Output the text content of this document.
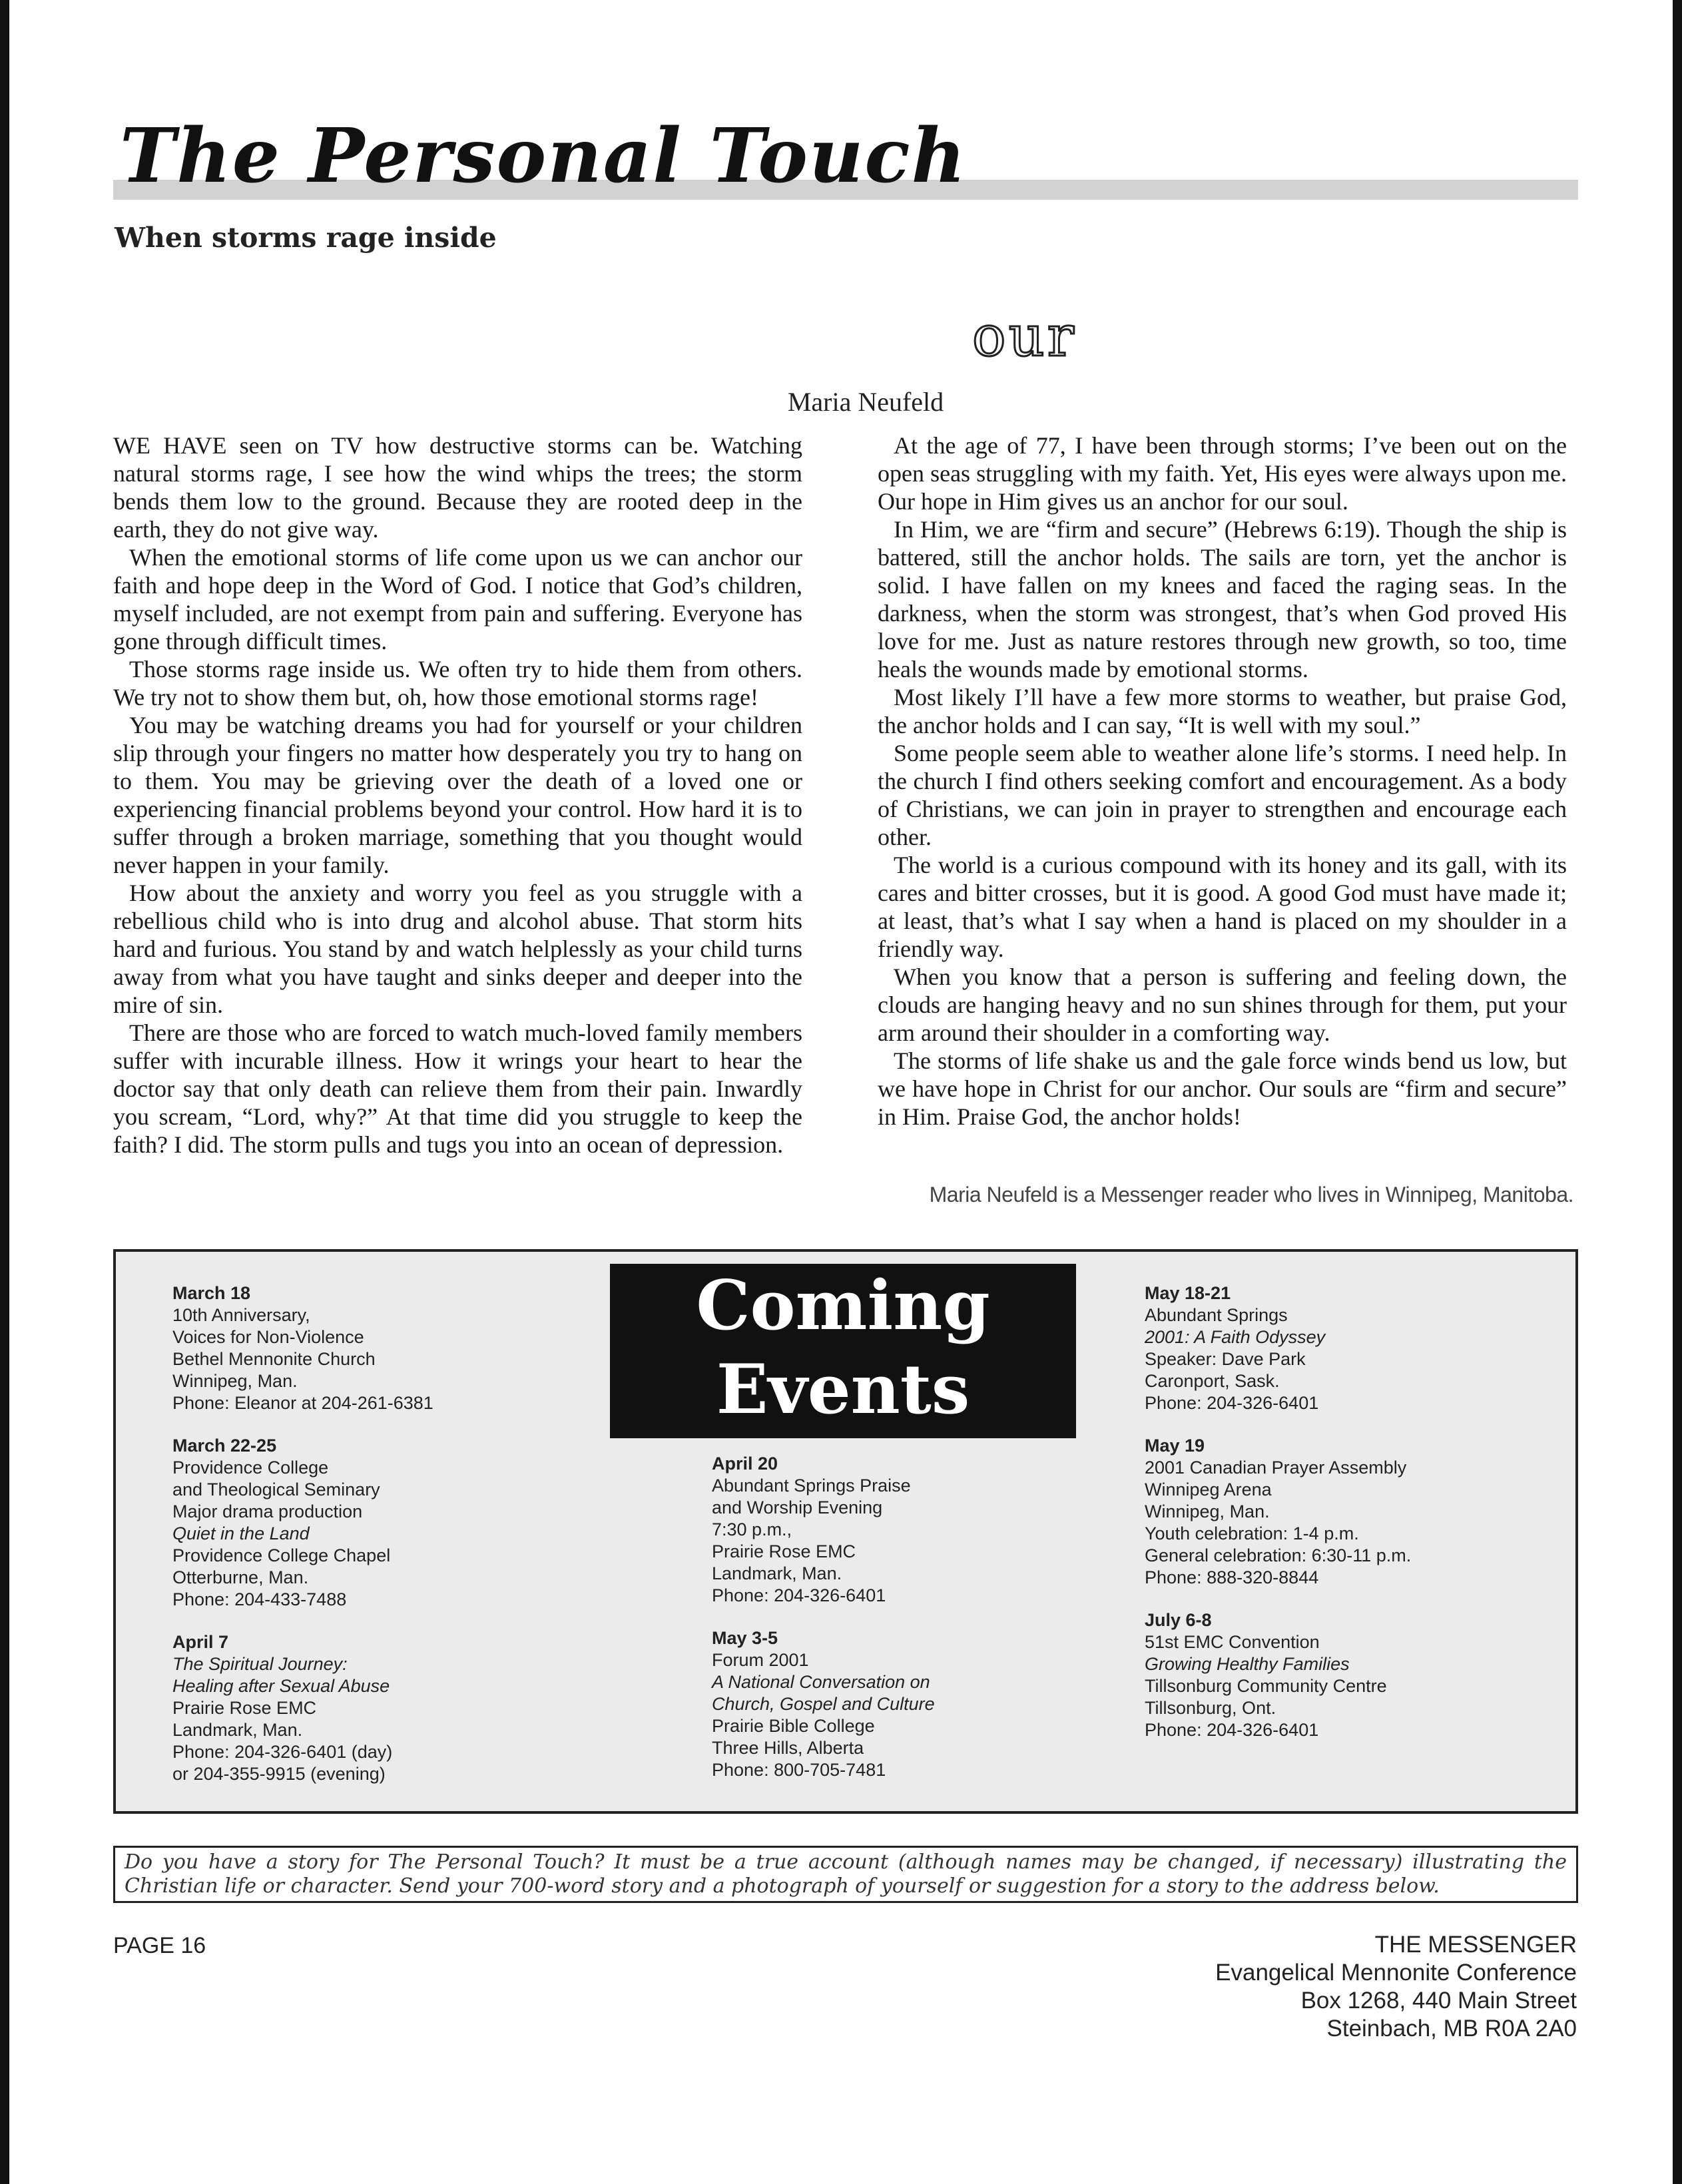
The Personal Touch
When storms rage inside
our
Maria Neufeld

WE HAVE seen on TV how destructive storms can be. Watching natural storms rage, I see how the wind whips the trees; the storm bends them low to the ground. Because they are rooted deep in the earth, they do not give way.

When the emotional storms of life come upon us we can anchor our faith and hope deep in the Word of God. I notice that God’s children, myself included, are not exempt from pain and suffering. Everyone has gone through difficult times.

Those storms rage inside us. We often try to hide them from others. We try not to show them but, oh, how those emotional storms rage!

You may be watching dreams you had for yourself or your children slip through your fingers no matter how desperately you try to hang on to them. You may be grieving over the death of a loved one or experiencing financial problems beyond your control. How hard it is to suffer through a broken marriage, something that you thought would never happen in your family.

How about the anxiety and worry you feel as you struggle with a rebellious child who is into drug and alcohol abuse. That storm hits hard and furious. You stand by and watch helplessly as your child turns away from what you have taught and sinks deeper and deeper into the mire of sin.

There are those who are forced to watch much-loved family members suffer with incurable illness. How it wrings your heart to hear the doctor say that only death can relieve them from their pain. Inwardly you scream, “Lord, why?” At that time did you struggle to keep the faith? I did. The storm pulls and tugs you into an ocean of depression.

At the age of 77, I have been through storms; I’ve been out on the open seas struggling with my faith. Yet, His eyes were always upon me. Our hope in Him gives us an anchor for our soul.

In Him, we are “firm and secure” (Hebrews 6:19). Though the ship is battered, still the anchor holds. The sails are torn, yet the anchor is solid. I have fallen on my knees and faced the raging seas. In the darkness, when the storm was strongest, that’s when God proved His love for me. Just as nature restores through new growth, so too, time heals the wounds made by emotional storms.

Most likely I’ll have a few more storms to weather, but praise God, the anchor holds and I can say, “It is well with my soul.”

Some people seem able to weather alone life’s storms. I need help. In the church I find others seeking comfort and encouragement. As a body of Christians, we can join in prayer to strengthen and encourage each other.

The world is a curious compound with its honey and its gall, with its cares and bitter crosses, but it is good. A good God must have made it; at least, that’s what I say when a hand is placed on my shoulder in a friendly way.

When you know that a person is suffering and feeling down, the clouds are hanging heavy and no sun shines through for them, put your arm around their shoulder in a comforting way.

The storms of life shake us and the gale force winds bend us low, but we have hope in Christ for our anchor. Our souls are “firm and secure” in Him. Praise God, the anchor holds!

Maria Neufeld is a Messenger reader who lives in Winnipeg, Manitoba.
Coming
Events
March 18
10th Anniversary,
Voices for Non-Violence
Bethel Mennonite Church
Winnipeg, Man.
Phone: Eleanor at 204-261-6381
March 22-25
Providence College
and Theological Seminary
Major drama production
Quiet in the Land
Providence College Chapel
Otterburne, Man.
Phone: 204-433-7488
April 7
The Spiritual Journey:
Healing after Sexual Abuse
Prairie Rose EMC
Landmark, Man.
Phone: 204-326-6401 (day)
or 204-355-9915 (evening)
April 20
Abundant Springs Praise
and Worship Evening
7:30 p.m.,
Prairie Rose EMC
Landmark, Man.
Phone: 204-326-6401
May 3-5
Forum 2001
A National Conversation on
Church, Gospel and Culture
Prairie Bible College
Three Hills, Alberta
Phone: 800-705-7481
May 18-21
Abundant Springs
2001: A Faith Odyssey
Speaker: Dave Park
Caronport, Sask.
Phone: 204-326-6401
May 19
2001 Canadian Prayer Assembly
Winnipeg Arena
Winnipeg, Man.
Youth celebration: 1-4 p.m.
General celebration: 6:30-11 p.m.
Phone: 888-320-8844
July 6-8
51st EMC Convention
Growing Healthy Families
Tillsonburg Community Centre
Tillsonburg, Ont.
Phone: 204-326-6401
Do you have a story for The Personal Touch? It must be a true account (although names may be changed, if necessary) illustrating the Christian life or character. Send your 700-word story and a photograph of yourself or suggestion for a story to the address below.
PAGE 16	THE MESSENGER
Evangelical Mennonite Conference
Box 1268, 440 Main Street
Steinbach, MB R0A 2A0
